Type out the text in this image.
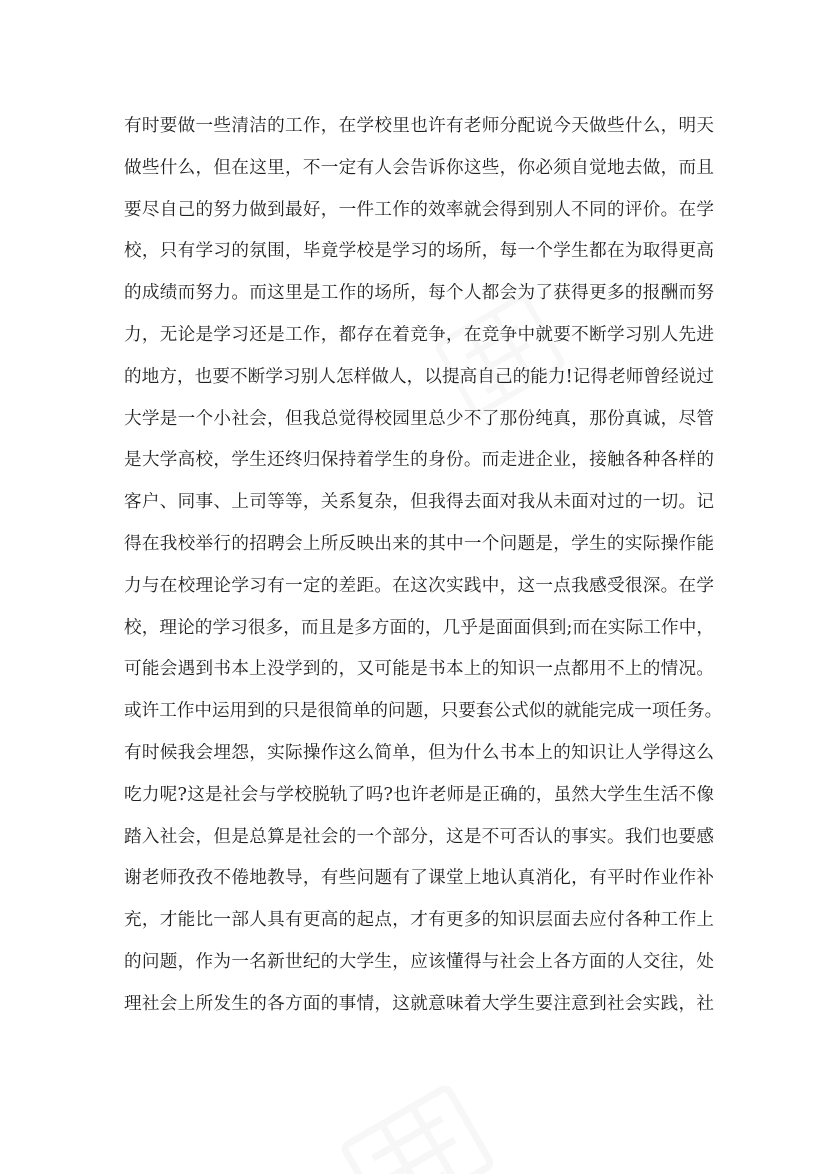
有时要做一些清洁的工作，在学校里也许有老师分配说今天做些什么，明天
做些什么，但在这里，不一定有人会告诉你这些，你必须自觉地去做，而且
要尽自己的努力做到最好，一件工作的效率就会得到别人不同的评价。在学
校，只有学习的氛围，毕竟学校是学习的场所，每一个学生都在为取得更高
的成绩而努力。而这里是工作的场所，每个人都会为了获得更多的报酬而努
力，无论是学习还是工作，都存在着竞争，在竞争中就要不断学习别人先进
的地方，也要不断学习别人怎样做人，以提高自己的能力!记得老师曾经说过
大学是一个小社会，但我总觉得校园里总少不了那份纯真，那份真诚，尽管
是大学高校，学生还终归保持着学生的身份。而走进企业，接触各种各样的
客户、同事、上司等等，关系复杂，但我得去面对我从未面对过的一切。记
得在我校举行的招聘会上所反映出来的其中一个问题是，学生的实际操作能
力与在校理论学习有一定的差距。在这次实践中，这一点我感受很深。在学
校，理论的学习很多，而且是多方面的，几乎是面面俱到;而在实际工作中，
可能会遇到书本上没学到的，又可能是书本上的知识一点都用不上的情况。
或许工作中运用到的只是很简单的问题，只要套公式似的就能完成一项任务。
有时候我会埋怨，实际操作这么简单，但为什么书本上的知识让人学得这么
吃力呢?这是社会与学校脱轨了吗?也许老师是正确的，虽然大学生生活不像
踏入社会，但是总算是社会的一个部分，这是不可否认的事实。我们也要感
谢老师孜孜不倦地教导，有些问题有了课堂上地认真消化，有平时作业作补
充，才能比一部人具有更高的起点，才有更多的知识层面去应付各种工作上
的问题，作为一名新世纪的大学生，应该懂得与社会上各方面的人交往，处
理社会上所发生的各方面的事情，这就意味着大学生要注意到社会实践，社
